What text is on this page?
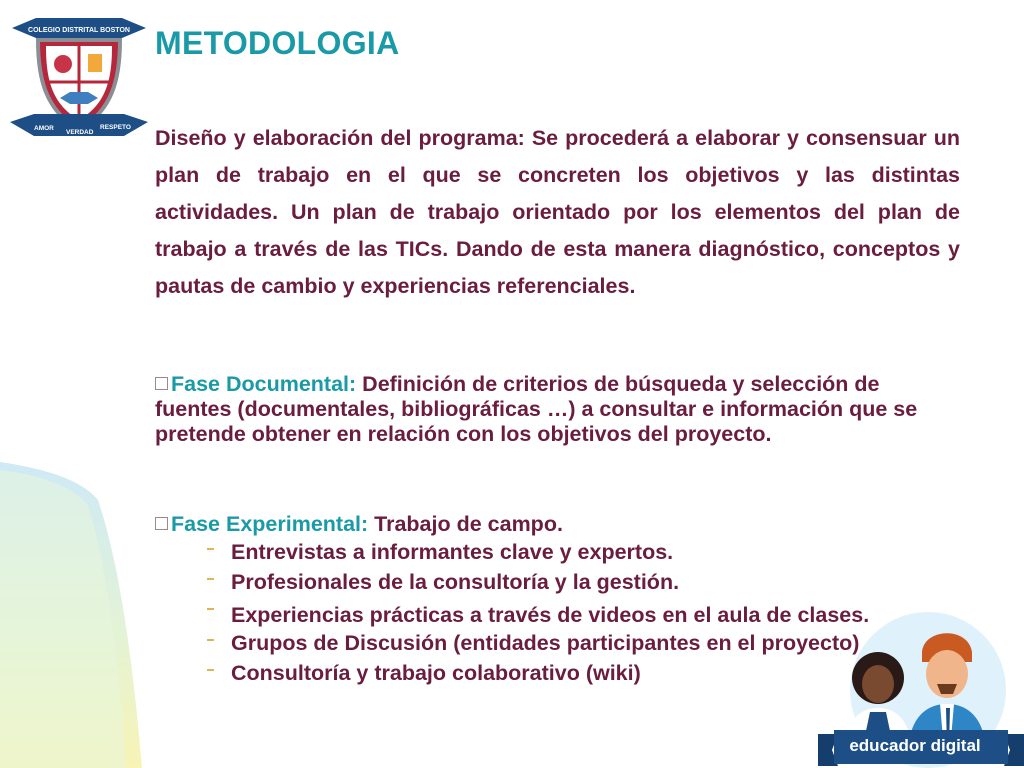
COLEGIO DISTRITAL BOSTON
AMOR
VERDAD
RESPETO
METODOLOGIA

Diseño y elaboración del programa: Se procederá a elaborar y consensuar un plan de trabajo en el que se concreten los objetivos y las distintas actividades. Un plan de trabajo orientado por los elementos del plan de trabajo a través de las TICs. Dando de esta manera diagnóstico, conceptos y pautas de cambio y experiencias referenciales.

Fase Documental: Definición de criterios de búsqueda y selección de fuentes (documentales, bibliográficas …) a consultar e información que se pretende obtener en relación con los objetivos del proyecto.

Fase Experimental: Trabajo de campo.

Entrevistas a informantes clave y expertos.
Profesionales de la consultoría y la gestión.
Experiencias prácticas a través de videos en el aula de clases.
Grupos de Discusión (entidades participantes en el proyecto)
Consultoría y trabajo colaborativo (wiki)
educador digital
